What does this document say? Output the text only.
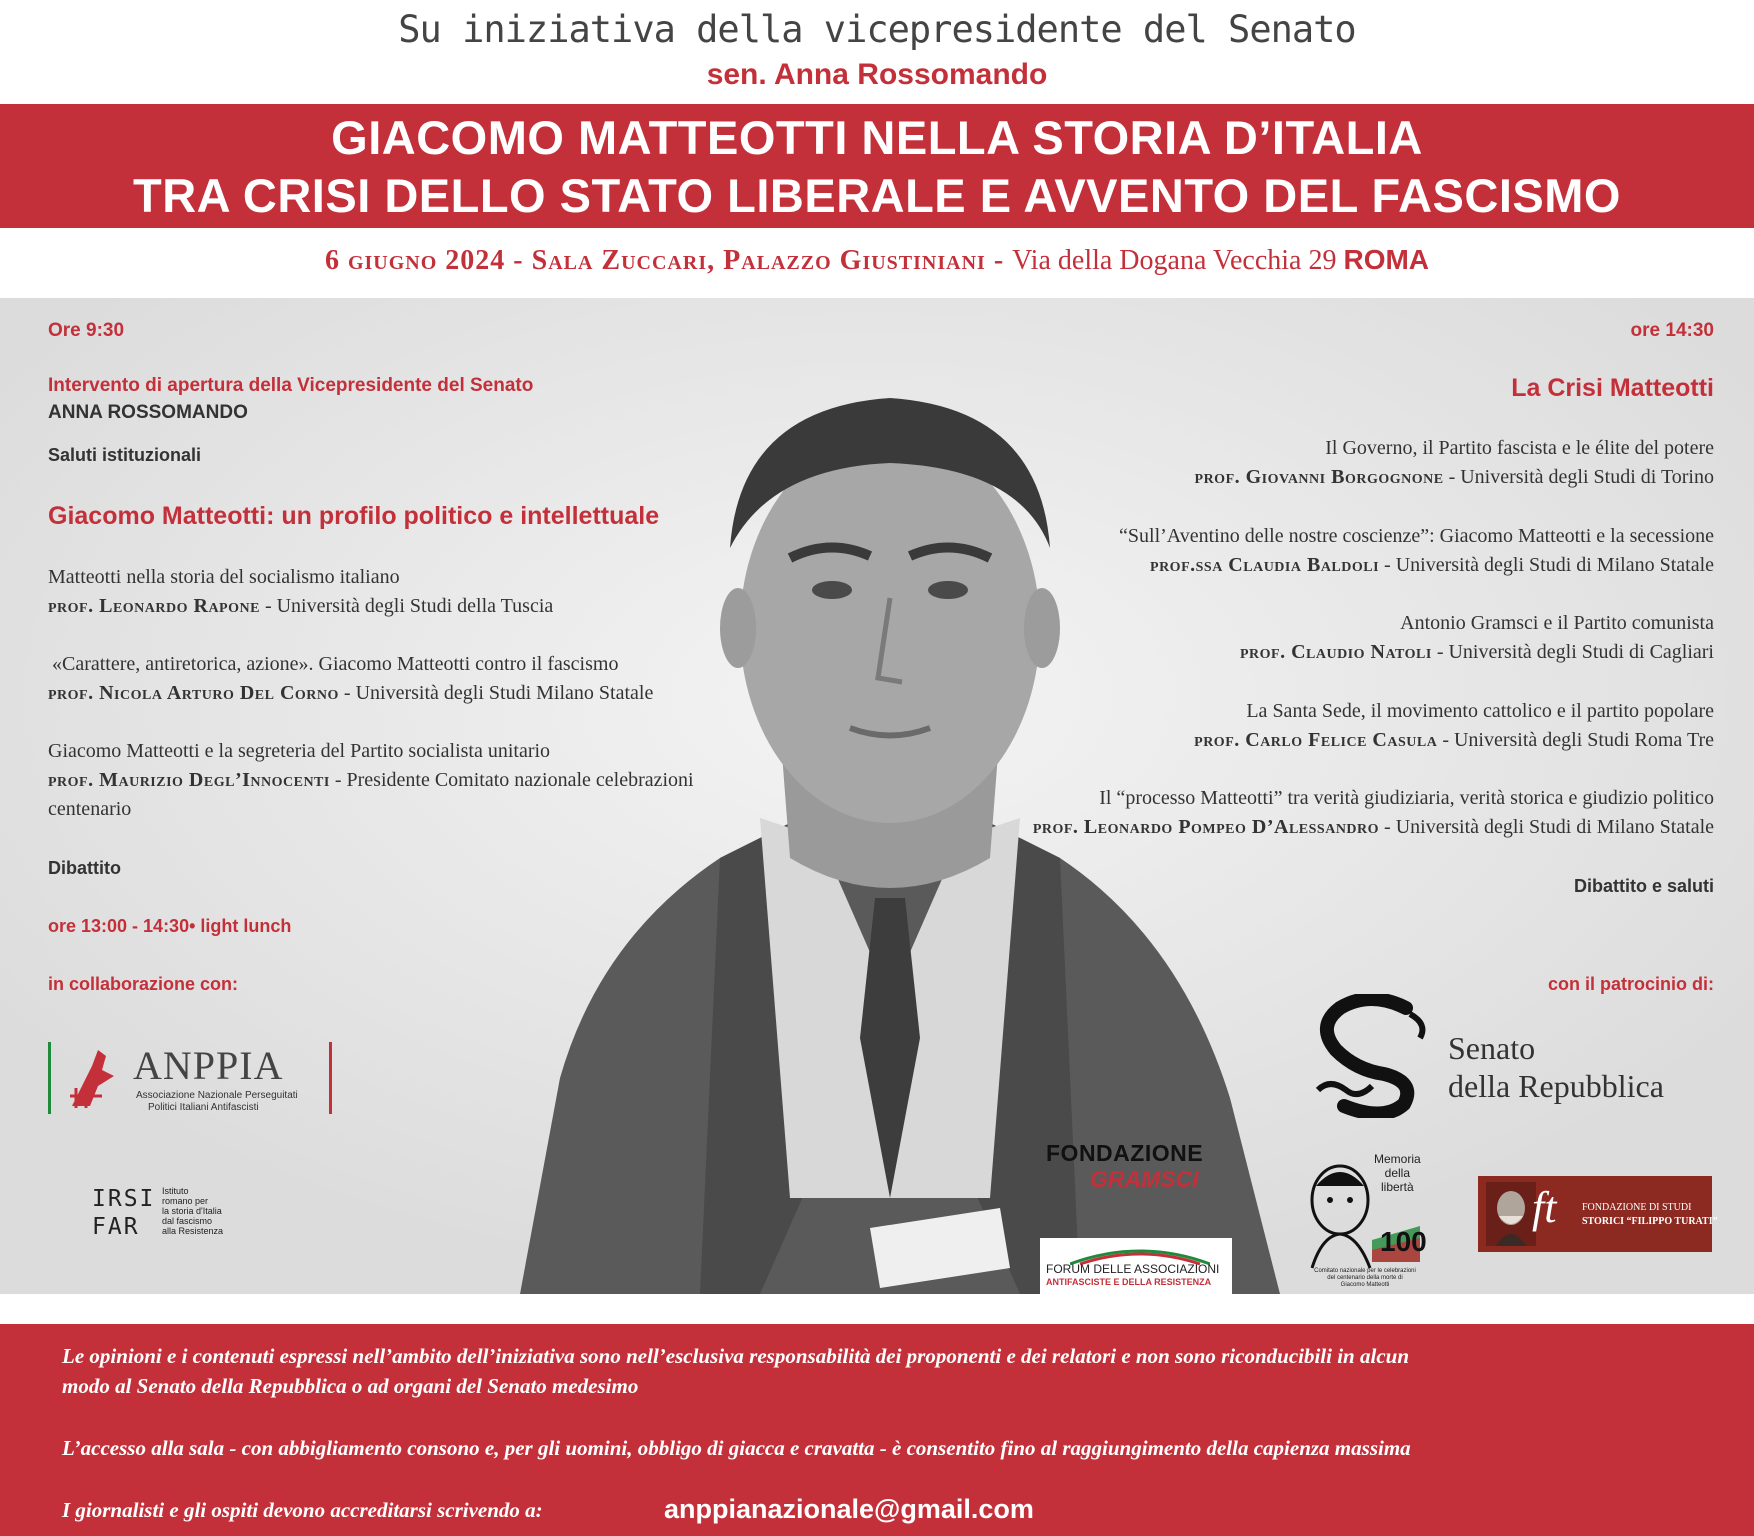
Su iniziativa della vicepresidente del Senato
sen. Anna Rossomando
GIACOMO MATTEOTTI NELLA STORIA D’ITALIA
TRA CRISI DELLO STATO LIBERALE E AVVENTO DEL FASCISMO
6 giugno 2024 - Sala Zuccari, Palazzo Giustiniani - Via della Dogana Vecchia 29 ROMA
Ore 9:30
Intervento di apertura della Vicepresidente del Senato
ANNA ROSSOMANDO
Saluti istituzionali
Giacomo Matteotti: un profilo politico e intellettuale
Matteotti nella storia del socialismo italiano
prof. Leonardo Rapone - Università degli Studi della Tuscia
«Carattere, antiretorica, azione». Giacomo Matteotti contro il fascismo
prof. Nicola Arturo Del Corno - Università degli Studi Milano Statale
Giacomo Matteotti e la segreteria del Partito socialista unitario
prof. Maurizio Degl’Innocenti - Presidente Comitato nazionale celebrazioni
centenario
Dibattito
ore 13:00 - 14:30• light lunch
in collaborazione con:
ore 14:30
La Crisi Matteotti
Il Governo, il Partito fascista e le élite del potere
prof. Giovanni Borgognone - Università degli Studi di Torino
“Sull’Aventino delle nostre coscienze”: Giacomo Matteotti e la secessione
prof.ssa Claudia Baldoli - Università degli Studi di Milano Statale
Antonio Gramsci e il Partito comunista
prof. Claudio Natoli - Università degli Studi di Cagliari
La Santa Sede, il movimento cattolico e il partito popolare
prof. Carlo Felice Casula - Università degli Studi Roma Tre
Il “processo Matteotti” tra verità giudiziaria, verità storica e giudizio politico
prof. Leonardo Pompeo D’Alessandro - Università degli Studi di Milano Statale
Dibattito e saluti
con il patrocinio di:
ANPPIA
Associazione Nazionale Perseguitati
Politici Italiani Antifascisti
IRSI
FAR
Istituto
romano per
la storia d'Italia
dal fascismo
alla Resistenza
FONDAZIONE
GRAMSCI
FORUM DELLE ASSOCIAZIONI
ANTIFASCISTE E DELLA RESISTENZA
Senato
della Repubblica
Memoria
della
libertà
100
Comitato nazionale per le celebrazioni
del centenario della morte di
Giacomo Matteotti
ft	FONDAZIONE DI STUDI
STORICI “FILIPPO TURATI”
Le opinioni e i contenuti espressi nell’ambito dell’iniziativa sono nell’esclusiva responsabilità dei proponenti e dei relatori e non sono riconducibili in alcun
modo al Senato della Repubblica o ad organi del Senato medesimo
L’accesso alla sala - con abbigliamento consono e, per gli uomini, obbligo di giacca e cravatta - è consentito fino al raggiungimento della capienza massima
I giornalisti e gli ospiti devono accreditarsi scrivendo a:	anppianazionale@gmail.com
